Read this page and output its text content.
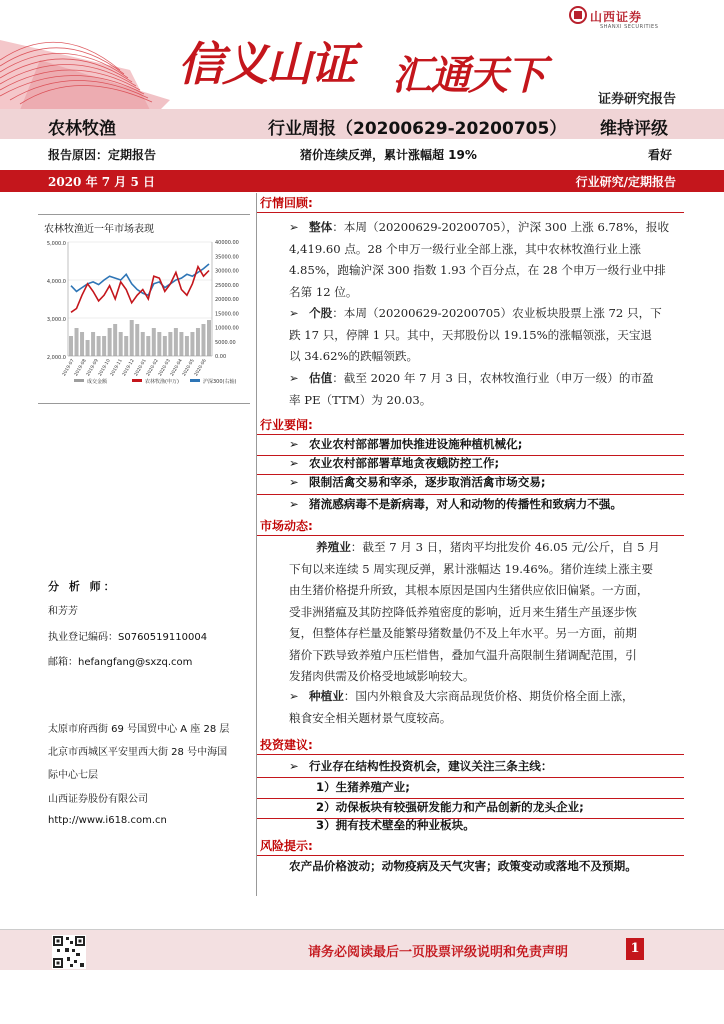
山西证券
SHANXI SECURITIES
信义山证 汇通天下
证券研究报告
农林牧渔	行业周报（20200629-20200705） 维持评级
报告原因：定期报告	猪价连续反弹，累计涨幅超 19%	看好
2020 年 7 月 5 日	行业研究/定期报告
农林牧渔近一年市场表现
5,000.0
4,000.0
3,000.0
2,000.0
40000.00
35000.00
30000.00
25000.00
20000.00
15000.00
10000.00
5000.00
0.00
2019-07
2019-08
2019-09
2019-10
2019-11
2019-12
2020-01
2020-02
2020-03
2020-04
2020-05
2020-06
成交金额	农林牧渔(申万)	沪深300(右轴)
分 析 师：
和芳芳
执业登记编码：S0760519110004
邮箱：hefangfang@sxzq.com
太原市府西街 69 号国贸中心 A 座 28 层
北京市西城区平安里西大街 28 号中海国
际中心七层
山西证券股份有限公司
http://www.i618.com.cn
行情回顾:
➢ 整体：本周（20200629-20200705），沪深 300 上涨 6.78%，报收
4,419.60 点。28 个申万一级行业全部上涨，其中农林牧渔行业上涨
4.85%，跑输沪深 300 指数 1.93 个百分点，在 28 个申万一级行业中排
名第 12 位。
➢ 个股：本周（20200629-20200705）农业板块股票上涨 72 只，下
跌 17 只，停牌 1 只。其中，天邦股份以 19.15%的涨幅领涨，天宝退
以 34.62%的跌幅领跌。
➢ 估值：截至 2020 年 7 月 3 日，农林牧渔行业（申万一级）的市盈
率 PE（TTM）为 20.03。
行业要闻:
➢ 农业农村部部署加快推进设施种植机械化;
➢ 农业农村部部署草地贪夜蛾防控工作;
➢ 限制活禽交易和宰杀，逐步取消活禽市场交易;
➢ 猪流感病毒不是新病毒，对人和动物的传播性和致病力不强。
市场动态:
养殖业：截至 7 月 3 日，猪肉平均批发价 46.05 元/公斤，自 5 月
下旬以来连续 5 周实现反弹，累计涨幅达 19.46%。猪价连续上涨主要
由生猪价格提升所致，其根本原因是国内生猪供应依旧偏紧。一方面，
受非洲猪瘟及其防控降低养殖密度的影响，近月来生猪生产虽逐步恢
复，但整体存栏量及能繁母猪数量仍不及上年水平。另一方面，前期
猪价下跌导致养殖户压栏惜售，叠加气温升高限制生猪调配范围，引
发猪肉供需及价格受地域影响较大。
➢ 种植业：国内外粮食及大宗商品现货价格、期货价格全面上涨，
粮食安全相关题材景气度较高。
投资建议:
➢ 行业存在结构性投资机会，建议关注三条主线：
1）生猪养殖产业;
2）动保板块有较强研发能力和产品创新的龙头企业;
3）拥有技术壁垒的种业板块。
风险提示:
农产品价格波动；动物疫病及天气灾害；政策变动或落地不及预期。
请务必阅读最后一页股票评级说明和免责声明	1
